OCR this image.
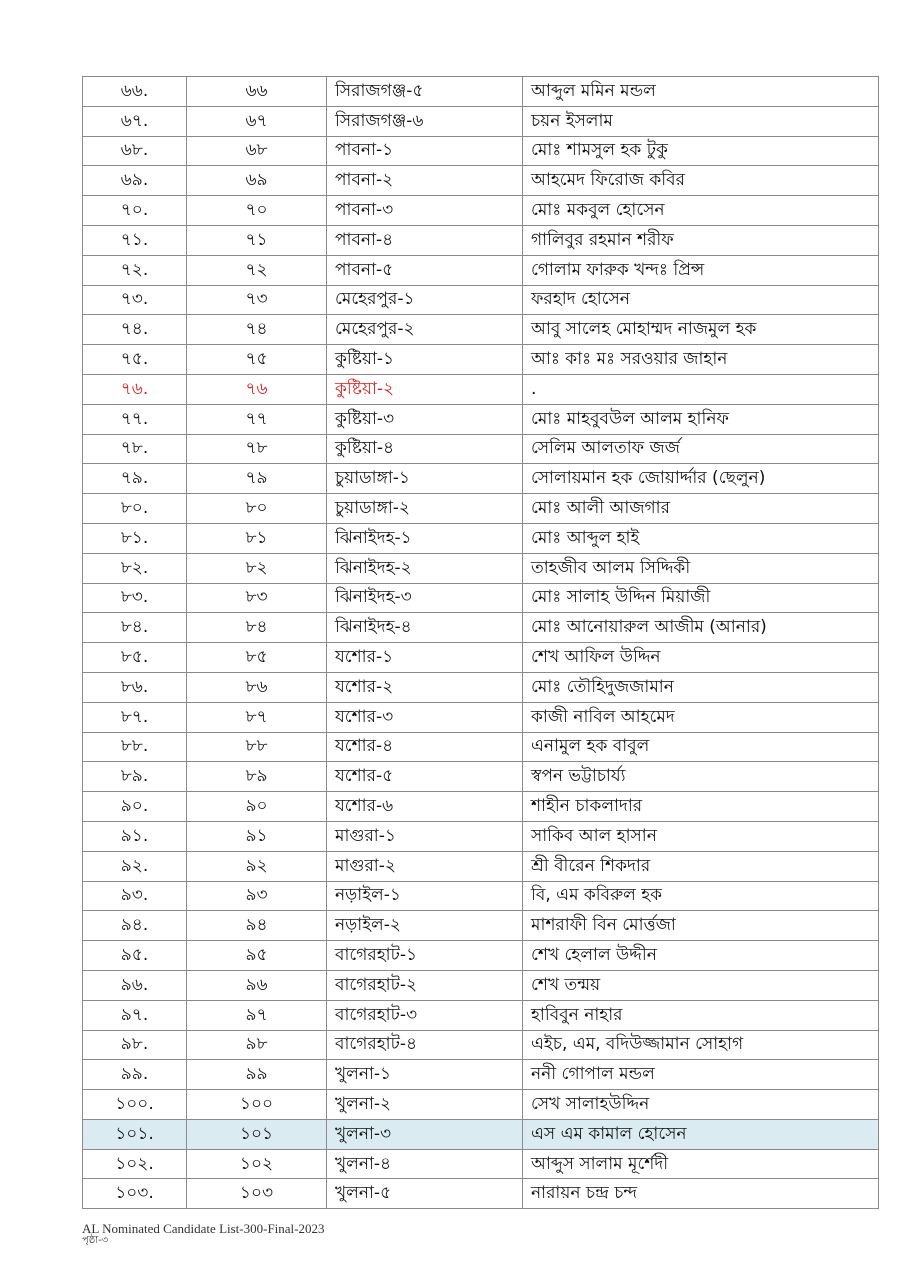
৬৬.	৬৬	সিরাজগঞ্জ-৫	আব্দুল মমিন মন্ডল
৬৭.	৬৭	সিরাজগঞ্জ-৬	চয়ন ইসলাম
৬৮.	৬৮	পাবনা-১	মোঃ শামসুল হক টুকু
৬৯.	৬৯	পাবনা-২	আহমেদ ফিরোজ কবির
৭০.	৭০	পাবনা-৩	মোঃ মকবুল হোসেন
৭১.	৭১	পাবনা-৪	গালিবুর রহমান শরীফ
৭২.	৭২	পাবনা-৫	গোলাম ফারুক খন্দঃ প্রিন্স
৭৩.	৭৩	মেহেরপুর-১	ফরহাদ হোসেন
৭৪.	৭৪	মেহেরপুর-২	আবু সালেহ মোহাম্মদ নাজমুল হক
৭৫.	৭৫	কুষ্টিয়া-১	আঃ কাঃ মঃ সরওয়ার জাহান
৭৬.	৭৬	কুষ্টিয়া-২	.
৭৭.	৭৭	কুষ্টিয়া-৩	মোঃ মাহবুবউল আলম হানিফ
৭৮.	৭৮	কুষ্টিয়া-৪	সেলিম আলতাফ জর্জ
৭৯.	৭৯	চুয়াডাঙ্গা-১	সোলায়মান হক জোয়ার্দ্দার (ছেলুন)
৮০.	৮০	চুয়াডাঙ্গা-২	মোঃ আলী আজগার
৮১.	৮১	ঝিনাইদহ-১	মোঃ আব্দুল হাই
৮২.	৮২	ঝিনাইদহ-২	তাহজীব আলম সিদ্দিকী
৮৩.	৮৩	ঝিনাইদহ-৩	মোঃ সালাহ উদ্দিন মিয়াজী
৮৪.	৮৪	ঝিনাইদহ-৪	মোঃ আনোয়ারুল আজীম (আনার)
৮৫.	৮৫	যশোর-১	শেখ আফিল উদ্দিন
৮৬.	৮৬	যশোর-২	মোঃ তৌহিদুজজামান
৮৭.	৮৭	যশোর-৩	কাজী নাবিল আহমেদ
৮৮.	৮৮	যশোর-৪	এনামুল হক বাবুল
৮৯.	৮৯	যশোর-৫	স্বপন ভট্টাচার্য্য
৯০.	৯০	যশোর-৬	শাহীন চাকলাদার
৯১.	৯১	মাগুরা-১	সাকিব আল হাসান
৯২.	৯২	মাগুরা-২	শ্রী বীরেন শিকদার
৯৩.	৯৩	নড়াইল-১	বি, এম কবিরুল হক
৯৪.	৯৪	নড়াইল-২	মাশরাফী বিন মোর্ত্তজা
৯৫.	৯৫	বাগেরহাট-১	শেখ হেলাল উদ্দীন
৯৬.	৯৬	বাগেরহাট-২	শেখ তন্ময়
৯৭.	৯৭	বাগেরহাট-৩	হাবিবুন নাহার
৯৮.	৯৮	বাগেরহাট-৪	এইচ, এম, বদিউজ্জামান সোহাগ
৯৯.	৯৯	খুলনা-১	ননী গোপাল মন্ডল
১০০.	১০০	খুলনা-২	সেখ সালাহউদ্দিন
১০১.	১০১	খুলনা-৩	এস এম কামাল হোসেন
১০২.	১০২	খুলনা-৪	আব্দুস সালাম মূর্শেদী
১০৩.	১০৩	খুলনা-৫	নারায়ন চন্দ্র চন্দ
AL Nominated Candidate List-300-Final-2023
পৃষ্ঠা-৩
